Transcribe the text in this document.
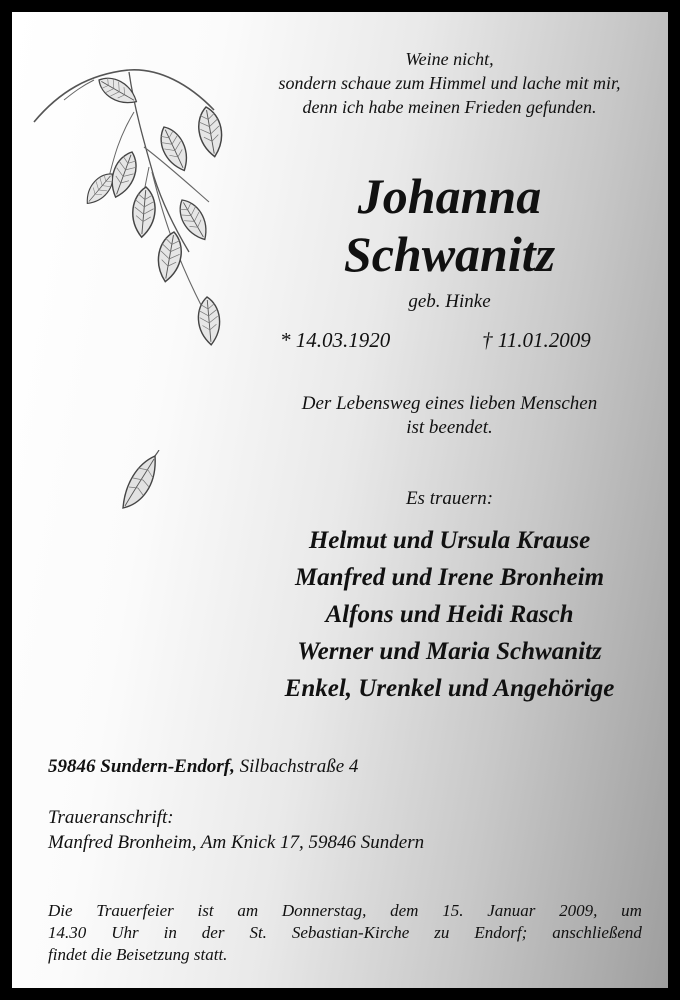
Weine nicht,
sondern schaue zum Himmel und lache mit mir,
denn ich habe meinen Frieden gefunden.
Johanna
Schwanitz
geb. Hinke
* 14.03.1920	† 11.01.2009
Der Lebensweg eines lieben Menschen
ist beendet.
Es trauern:
Helmut und Ursula Krause
Manfred und Irene Bronheim
Alfons und Heidi Rasch
Werner und Maria Schwanitz
Enkel, Urenkel und Angehörige
59846 Sundern-Endorf, Silbachstraße 4
Traueranschrift:
Manfred Bronheim, Am Knick 17, 59846 Sundern
Die Trauerfeier ist am Donnerstag, dem 15. Januar 2009, um
14.30 Uhr in der St. Sebastian-Kirche zu Endorf; anschließend
findet die Beisetzung statt.
